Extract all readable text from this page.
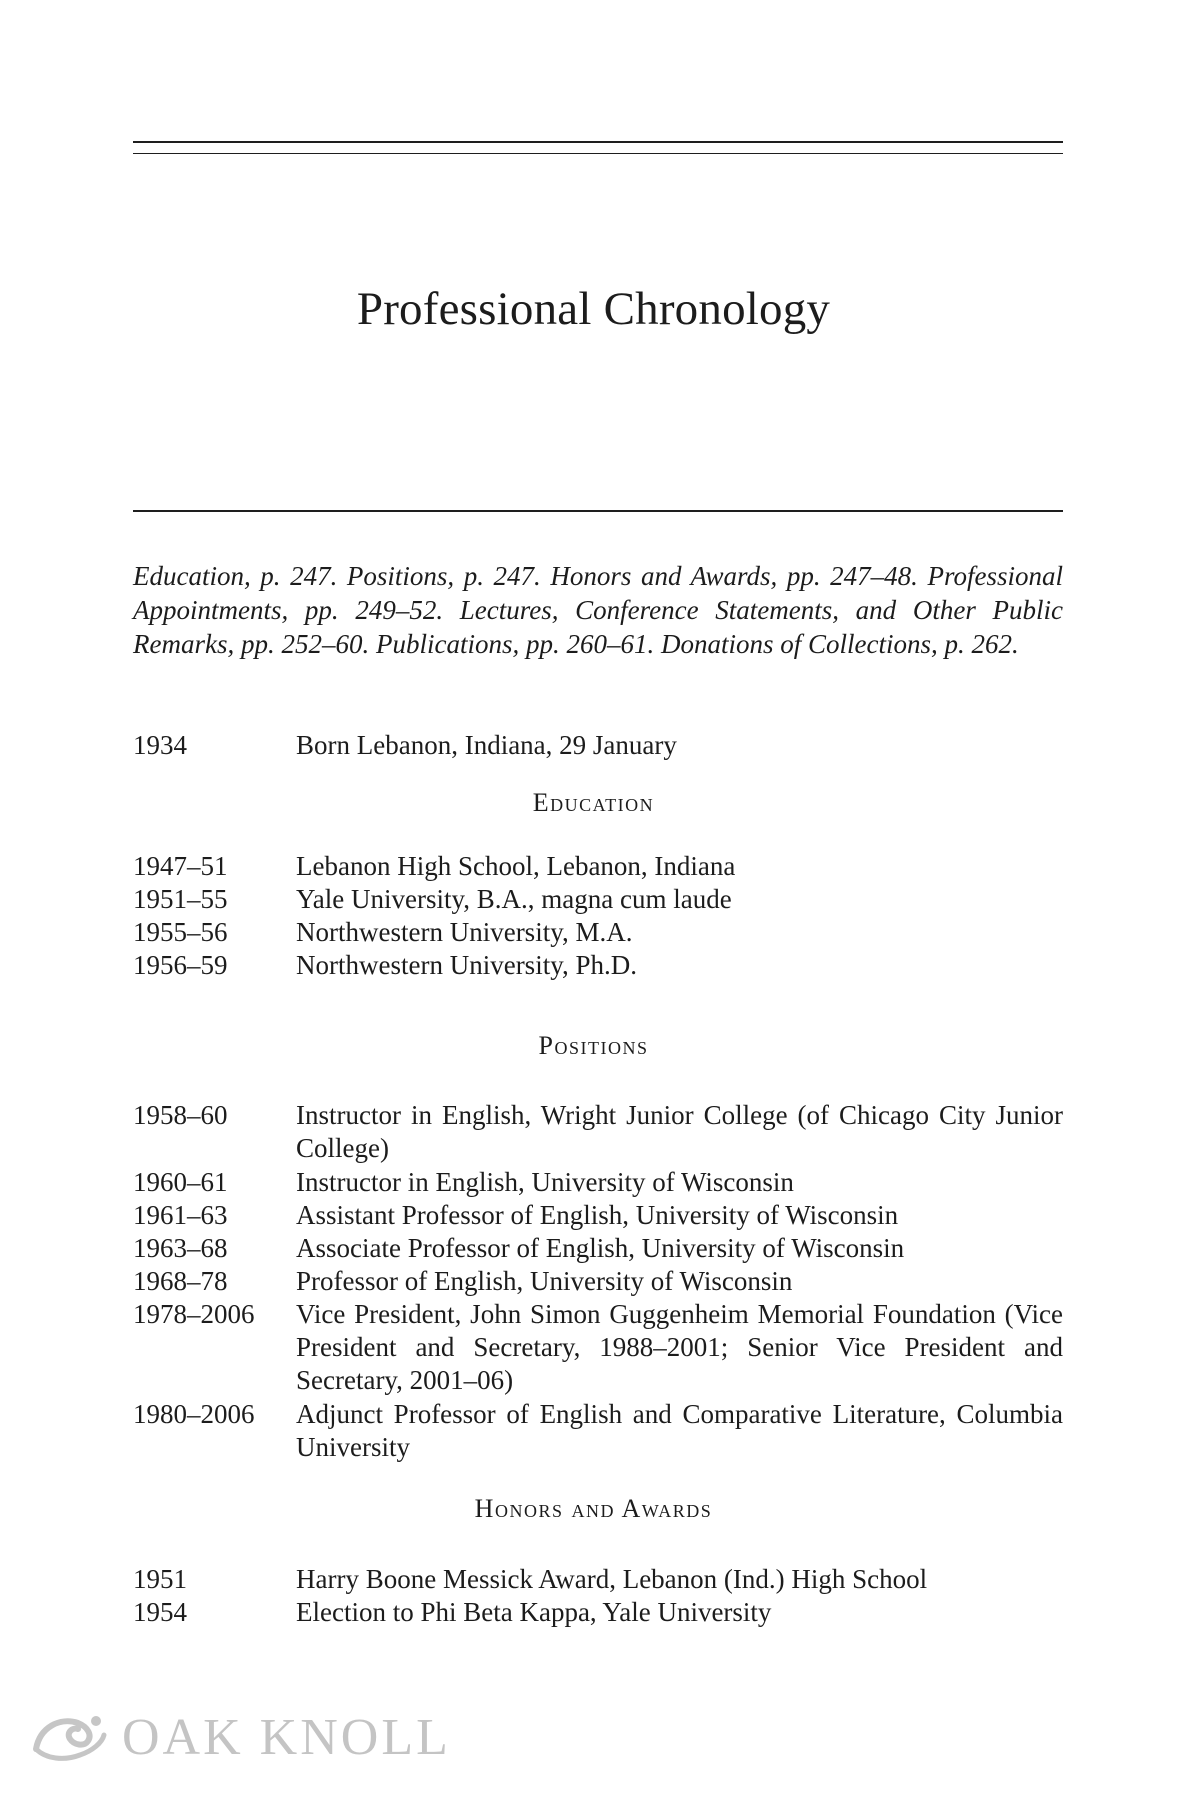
Professional Chronology

Education, p. 247. Positions, p. 247. Honors and Awards, pp. 247–48. Professional Appointments, pp. 249–52. Lectures, Conference Statements, and Other Public Remarks, pp. 252–60. Publications, pp. 260–61. Donations of Collections, p. 262.

1934	Born Lebanon, Indiana, 29 January
Education
1947–51	Lebanon High School, Lebanon, Indiana
1951–55	Yale University, B.A., magna cum laude
1955–56	Northwestern University, M.A.
1956–59	Northwestern University, Ph.D.
Positions
1958–60	Instructor in English, Wright Junior College (of Chicago City Junior College)
1960–61	Instructor in English, University of Wisconsin
1961–63	Assistant Professor of English, University of Wisconsin
1963–68	Associate Professor of English, University of Wisconsin
1968–78	Professor of English, University of Wisconsin
1978–2006 Vice President, John Simon Guggenheim Memorial Foundation (Vice President and Secretary, 1988–2001; Senior Vice President and Secretary, 2001–06)
1980–2006 Adjunct Professor of English and Comparative Literature, Columbia University
Honors and Awards
1951	Harry Boone Messick Award, Lebanon (Ind.) High School
1954	Election to Phi Beta Kappa, Yale University
OAK KNOLL
